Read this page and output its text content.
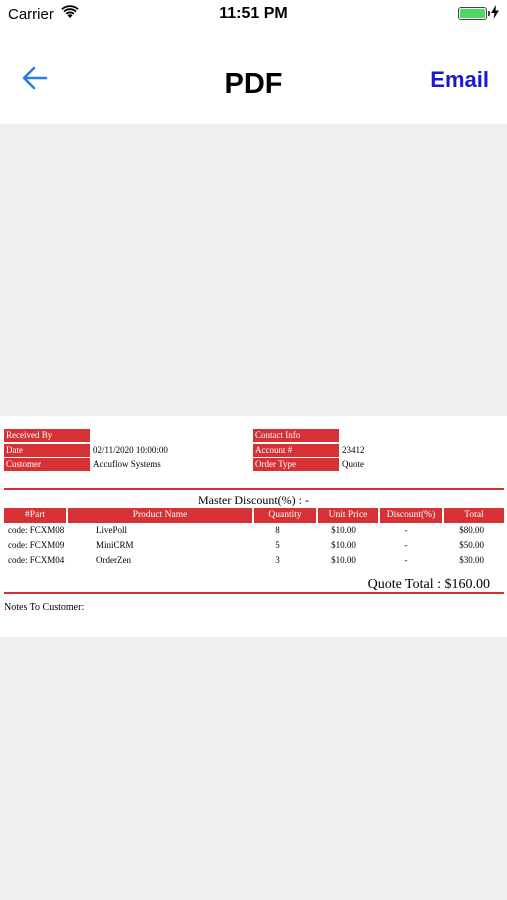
Carrier	11:51 PM
PDF	Email
Received By
Date	02/11/2020 10:00:00
Customer	Accuflow Systems
Contact Info
Account #	23412
Order Type	Quote
Master Discount(%) : -
#Part	Product Name	Quantity	Unit Price	Discount(%)	Total
code: FCXM08	LivePoll	8	$10.00	-	$80.00
code: FCXM09	MiniCRM	5	$10.00	-	$50.00
code: FCXM04	OrderZen	3	$10.00	-	$30.00
Quote Total : $160.00
Notes To Customer:
